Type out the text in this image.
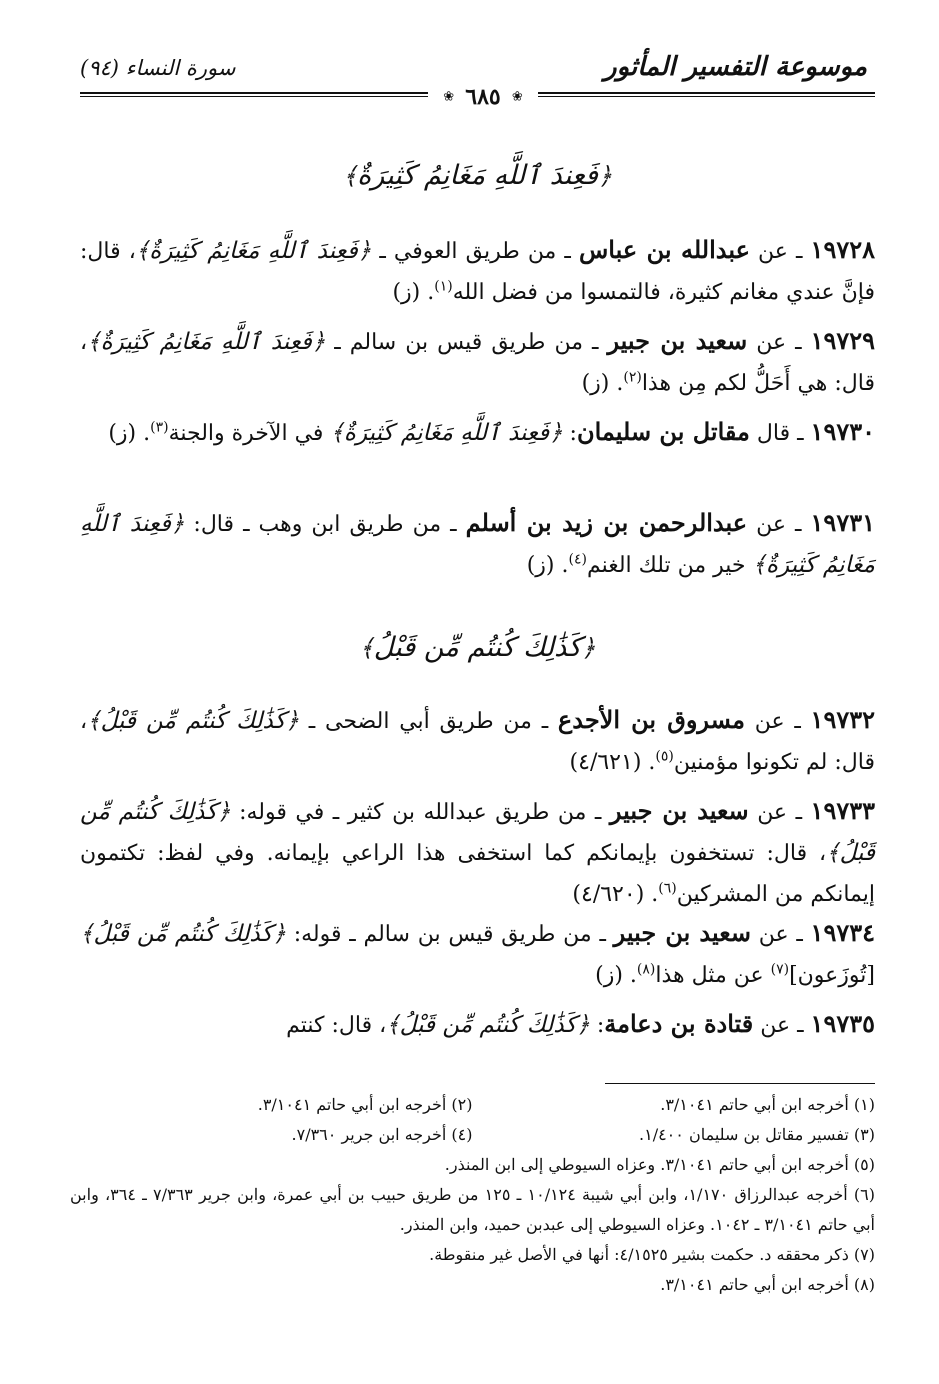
موسوعة التفسير المأثور
سورة النساء (٩٤)
❀ ٦٨٥ ❀
﴿فَعِندَ ٱللَّهِ مَغَانِمُ كَثِيرَةٌ﴾
١٩٧٢٨ ـ عن عبدالله بن عباس ـ من طريق العوفي ـ ﴿فَعِندَ ٱللَّهِ مَغَانِمُ كَثِيرَةٌ﴾، قال: فإنَّ عندي مغانم كثيرة، فالتمسوا من فضل الله$^{(١)}$. (ز)
١٩٧٢٩ ـ عن سعيد بن جبير ـ من طريق قيس بن سالم ـ ﴿فَعِندَ ٱللَّهِ مَغَانِمُ كَثِيرَةٌ﴾، قال: هي أَحَلُّ لكم مِن هذا$^{(٢)}$. (ز)
١٩٧٣٠ ـ قال مقاتل بن سليمان: ﴿فَعِندَ ٱللَّهِ مَغَانِمُ كَثِيرَةٌ﴾ في الآخرة والجنة$^{(٣)}$. (ز)
١٩٧٣١ ـ عن عبدالرحمن بن زيد بن أسلم ـ من طريق ابن وهب ـ قال: ﴿فَعِندَ ٱللَّهِ مَغَانِمُ كَثِيرَةٌ﴾ خير من تلك الغنم$^{(٤)}$. (ز)
﴿كَذَٰلِكَ كُنتُم مِّن قَبْلُ﴾
١٩٧٣٢ ـ عن مسروق بن الأجدع ـ من طريق أبي الضحى ـ ﴿كَذَٰلِكَ كُنتُم مِّن قَبْلُ﴾، قال: لم تكونوا مؤمنين$^{(٥)}$. (٤/٦٢١)
١٩٧٣٣ ـ عن سعيد بن جبير ـ من طريق عبدالله بن كثير ـ في قوله: ﴿كَذَٰلِكَ كُنتُم مِّن قَبْلُ﴾، قال: تستخفون بإيمانكم كما استخفى هذا الراعي بإيمانه. وفي لفظ: تكتمون إيمانكم من المشركين$^{(٦)}$. (٤/٦٢٠)
١٩٧٣٤ ـ عن سعيد بن جبير ـ من طريق قيس بن سالم ـ قوله: ﴿كَذَٰلِكَ كُنتُم مِّن قَبْلُ﴾ [تُوزَعون]$^{(٧)}$ عن مثل هذا$^{(٨)}$. (ز)
١٩٧٣٥ ـ عن قتادة بن دعامة: ﴿كَذَٰلِكَ كُنتُم مِّن قَبْلُ﴾، قال: كنتم
(١) أخرجه ابن أبي حاتم ٣/١٠٤١.
(٢) أخرجه ابن أبي حاتم ٣/١٠٤١.
(٣) تفسير مقاتل بن سليمان ١/٤٠٠.
(٤) أخرجه ابن جرير ٧/٣٦٠.
(٥) أخرجه ابن أبي حاتم ٣/١٠٤١. وعزاه السيوطي إلى ابن المنذر.
(٦) أخرجه عبدالرزاق ١/١٧٠، وابن أبي شيبة ١٠/١٢٤ ـ ١٢٥ من طريق حبيب بن أبي عمرة، وابن جرير ٧/٣٦٣ ـ ٣٦٤، وابن أبي حاتم ٣/١٠٤١ ـ ١٠٤٢. وعزاه السيوطي إلى عبدبن حميد، وابن المنذر.
(٧) ذكر محققه د. حكمت بشير ٤/١٥٢٥: أنها في الأصل غير منقوطة.
(٨) أخرجه ابن أبي حاتم ٣/١٠٤١.
